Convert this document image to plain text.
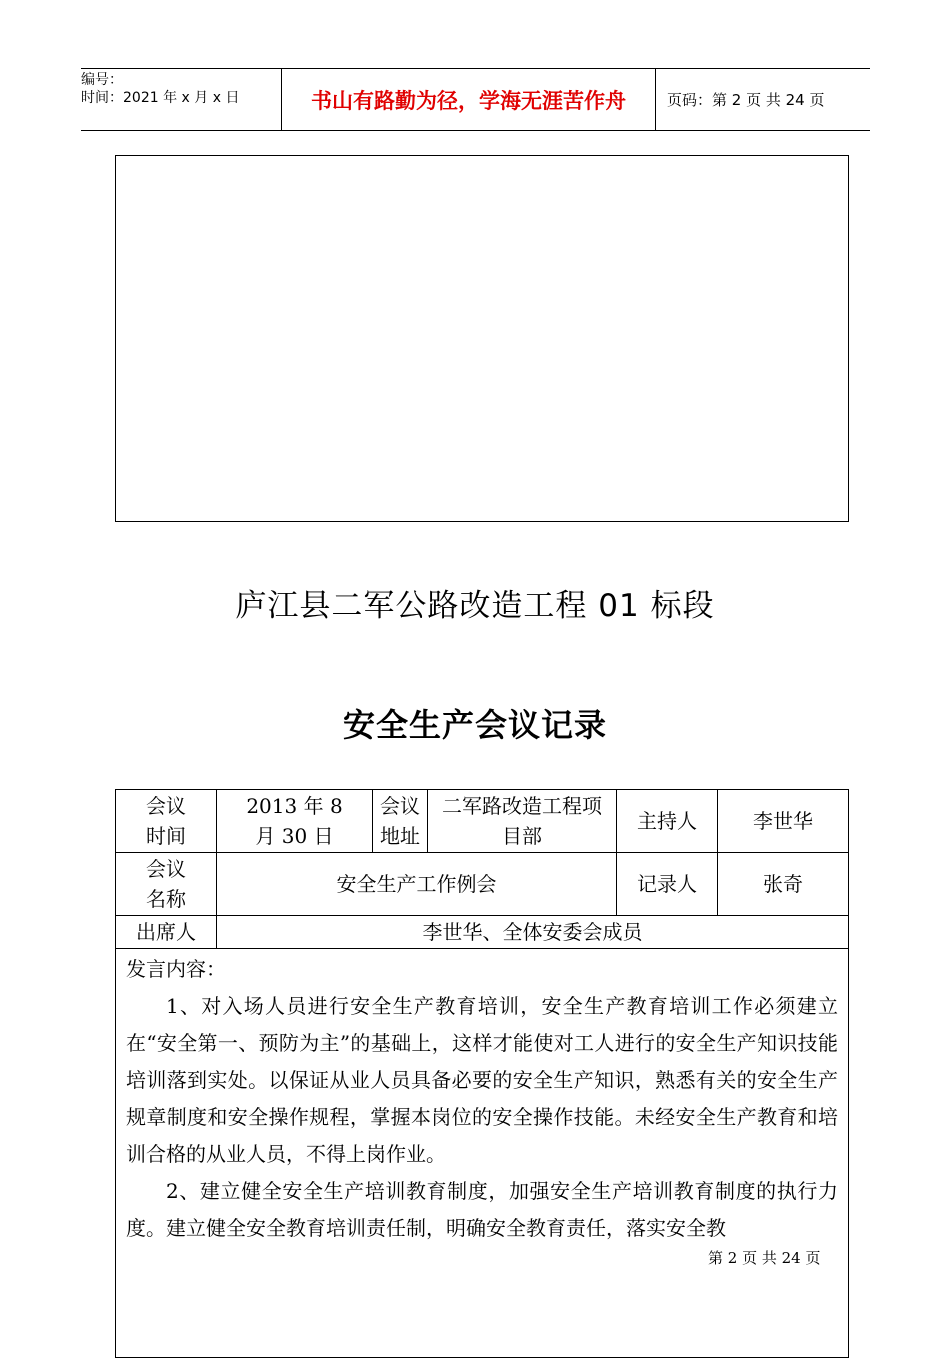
编号：
时间：2021 年 x 月 x 日	书山有路勤为径，学海无涯苦作舟	页码：第 2 页 共 24 页
庐江县二军公路改造工程 01 标段
安全生产会议记录
会议时间	2013 年 8 月 30 日	会议地址	二军路改造工程项目部	主持人	李世华

会议名称	安全生产工作例会			记录人	张奇
出席人	李世华、全体安委会成员				

发言内容：
1、对入场人员进行安全生产教育培训，安全生产教育培训工作必须建立在“安全第一、预防为主”的基础上，这样才能使对工人进行的安全生产知识技能培训落到实处。以保证从业人员具备必要的安全生产知识，熟悉有关的安全生产规章制度和安全操作规程，掌握本岗位的安全操作技能。未经安全生产教育和培训合格的从业人员，不得上岗作业。
2、建立健全安全生产培训教育制度，加强安全生产培训教育制度的执行力度。建立健全安全教育培训责任制，明确安全教育责任，落实安全教					
第 2 页 共 24 页
